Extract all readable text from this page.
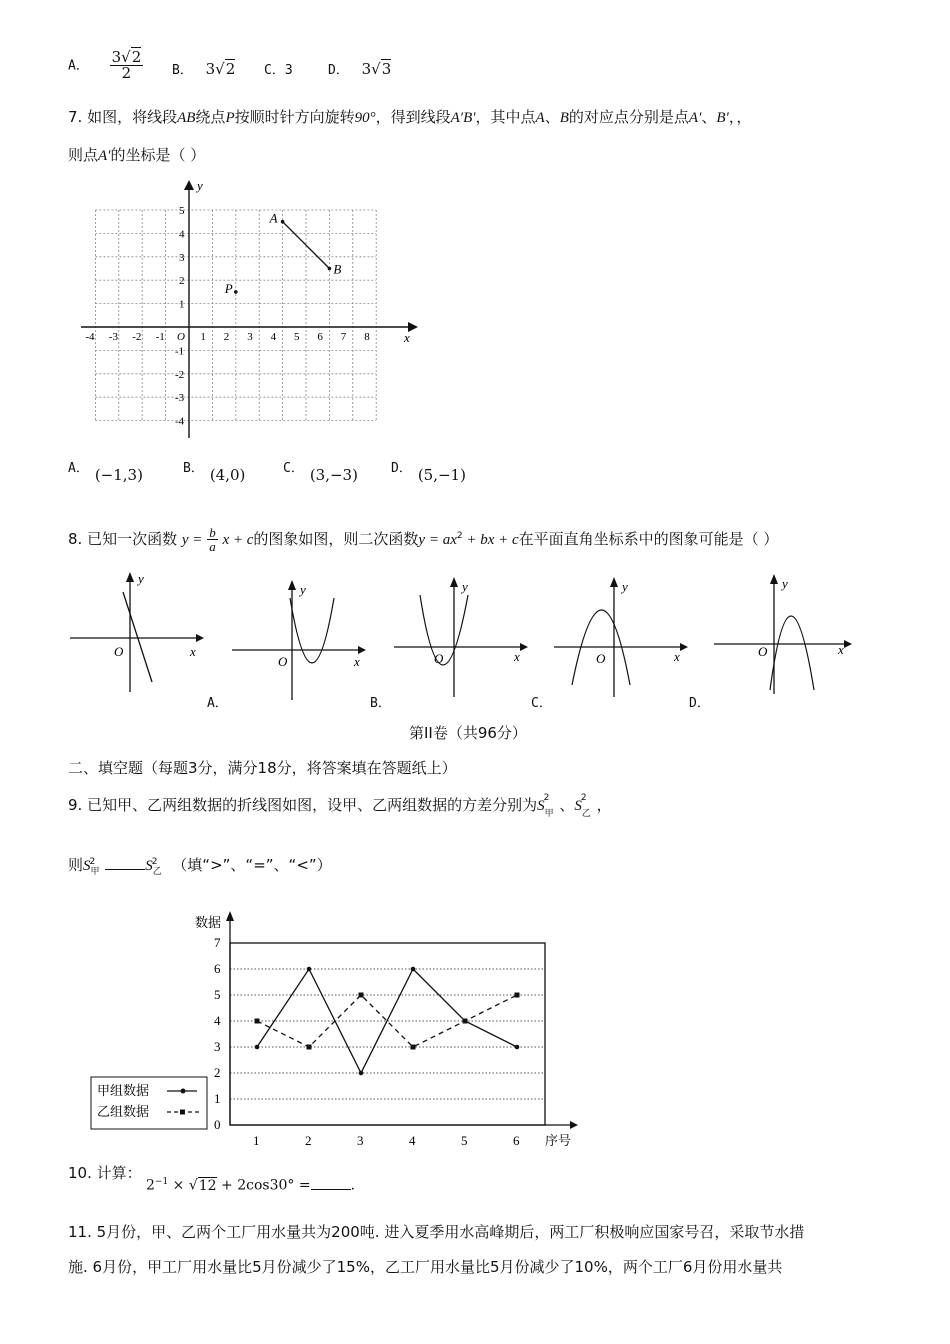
A． $\frac{3√2}{2}$ B． 3√2 C．3	D． 3√3
7. 如图，将线段AB绕点P按顺时针方向旋转90°，得到线段A′B′，其中点A、B的对应点分别是点A′、B′，，
则点A′的坐标是（ ）
x
y
-4 -3 -2 -1 O 1 2 3 4 5 6 7 8
5
4
3
2
1
-1
-2
-3
-4
A
B
P
A． (−1,3)	B． (4,0)	C． (3,−3)	D． (5,−1)
8. 已知一次函数 $y = \frac{b}{a}$ x + c的图象如图，则二次函数$y = ax^2$ + bx + c在平面直角坐标系中的图象可能是（ ）
y
x
O
y
x
O
y
x
O
y
x
O
y
x
O
A．	B．	C．	D．
第II卷（共96分）
二、填空题（每题3分，满分18分，将答案填在答题纸上）
9. 已知甲、乙两组数据的折线图如图，设甲、乙两组数据的方差分别为$S_甲^2$ 、$S_乙^2$ ，
则$S_甲^2$	$S_乙^2$ （填“>”、“=”、“<”）
0
1
2
3
4
5
6
7
1	2	3	4	5	6
数据
序号
甲组数据
乙组数据
10. 计算：
$2^{-1} \times √12 + 2\cos 30^\circ$ =	.
11. 5月份，甲、乙两个工厂用水量共为200吨. 进入夏季用水高峰期后，两工厂积极响应国家号召，采取节水措
施. 6月份，甲工厂用水量比5月份减少了15%，乙工厂用水量比5月份减少了10%，两个工厂6月份用水量共
